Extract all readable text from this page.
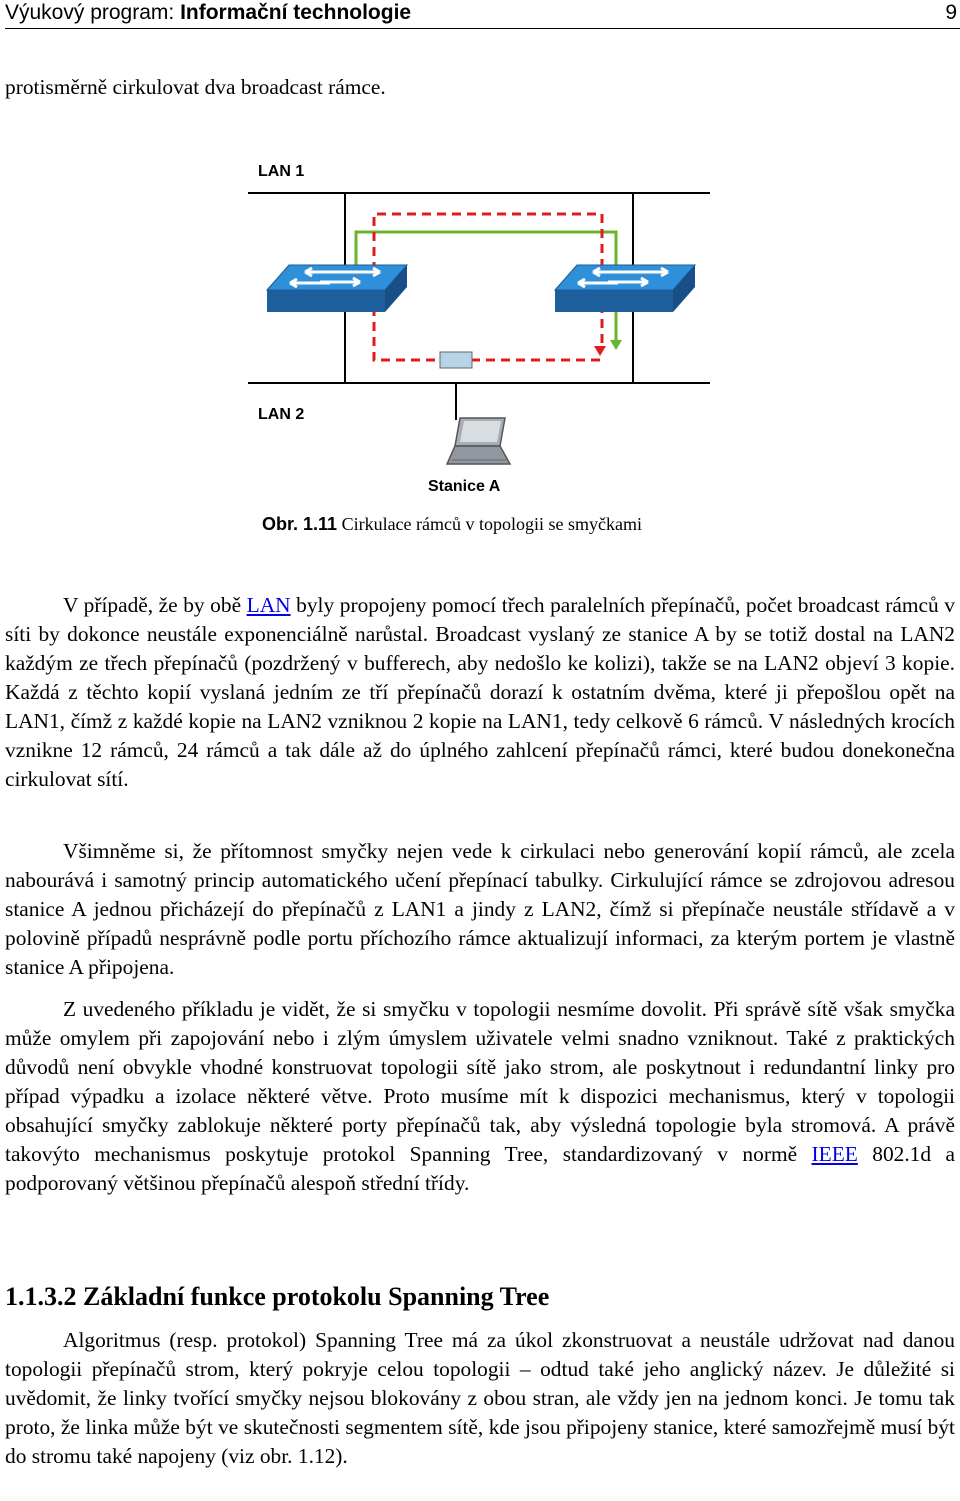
Výukový program: Informační technologie	9
protisměrně cirkulovat dva broadcast rámce.
LAN 1
LAN 2
Stanice A
Obr. 1.11 Cirkulace rámců v topologii se smyčkami
V případě, že by obě LAN byly propojeny pomocí třech paralelních přepínačů, počet broadcast rámců v síti by dokonce neustále exponenciálně narůstal. Broadcast vyslaný ze stanice A by se totiž dostal na LAN2 každým ze třech přepínačů (pozdržený v bufferech, aby nedošlo ke kolizi), takže se na LAN2 objeví 3 kopie. Každá z těchto kopií vyslaná jedním ze tří přepínačů dorazí k ostatním dvěma, které ji přepošlou opět na LAN1, čímž z každé kopie na LAN2 vzniknou 2 kopie na LAN1, tedy celkově 6 rámců. V následných krocích vznikne 12 rámců, 24 rámců a tak dále až do úplného zahlcení přepínačů rámci, které budou donekonečna cirkulovat sítí.
Všimněme si, že přítomnost smyčky nejen vede k cirkulaci nebo generování kopií rámců, ale zcela nabourává i samotný princip automatického učení přepínací tabulky. Cirkulující rámce se zdrojovou adresou stanice A jednou přicházejí do přepínačů z LAN1 a jindy z LAN2, čímž si přepínače neustále střídavě a v polovině případů nesprávně podle portu příchozího rámce aktualizují informaci, za kterým portem je vlastně stanice A připojena.
Z uvedeného příkladu je vidět, že si smyčku v topologii nesmíme dovolit. Při správě sítě však smyčka může omylem při zapojování nebo i zlým úmyslem uživatele velmi snadno vzniknout. Také z praktických důvodů není obvykle vhodné konstruovat topologii sítě jako strom, ale poskytnout i redundantní linky pro případ výpadku a izolace některé větve. Proto musíme mít k dispozici mechanismus, který v topologii obsahující smyčky zablokuje některé porty přepínačů tak, aby výsledná topologie byla stromová. A právě takovýto mechanismus poskytuje protokol Spanning Tree, standardizovaný v normě IEEE 802.1d a podporovaný většinou přepínačů alespoň střední třídy.
1.1.3.2 Základní funkce protokolu Spanning Tree
Algoritmus (resp. protokol) Spanning Tree má za úkol zkonstruovat a neustále udržovat nad danou topologii přepínačů strom, který pokryje celou topologii – odtud také jeho anglický název. Je důležité si uvědomit, že linky tvořící smyčky nejsou blokovány z obou stran, ale vždy jen na jednom konci. Je tomu tak proto, že linka může být ve skutečnosti segmentem sítě, kde jsou připojeny stanice, které samozřejmě musí být do stromu také napojeny (viz obr. 1.12).
